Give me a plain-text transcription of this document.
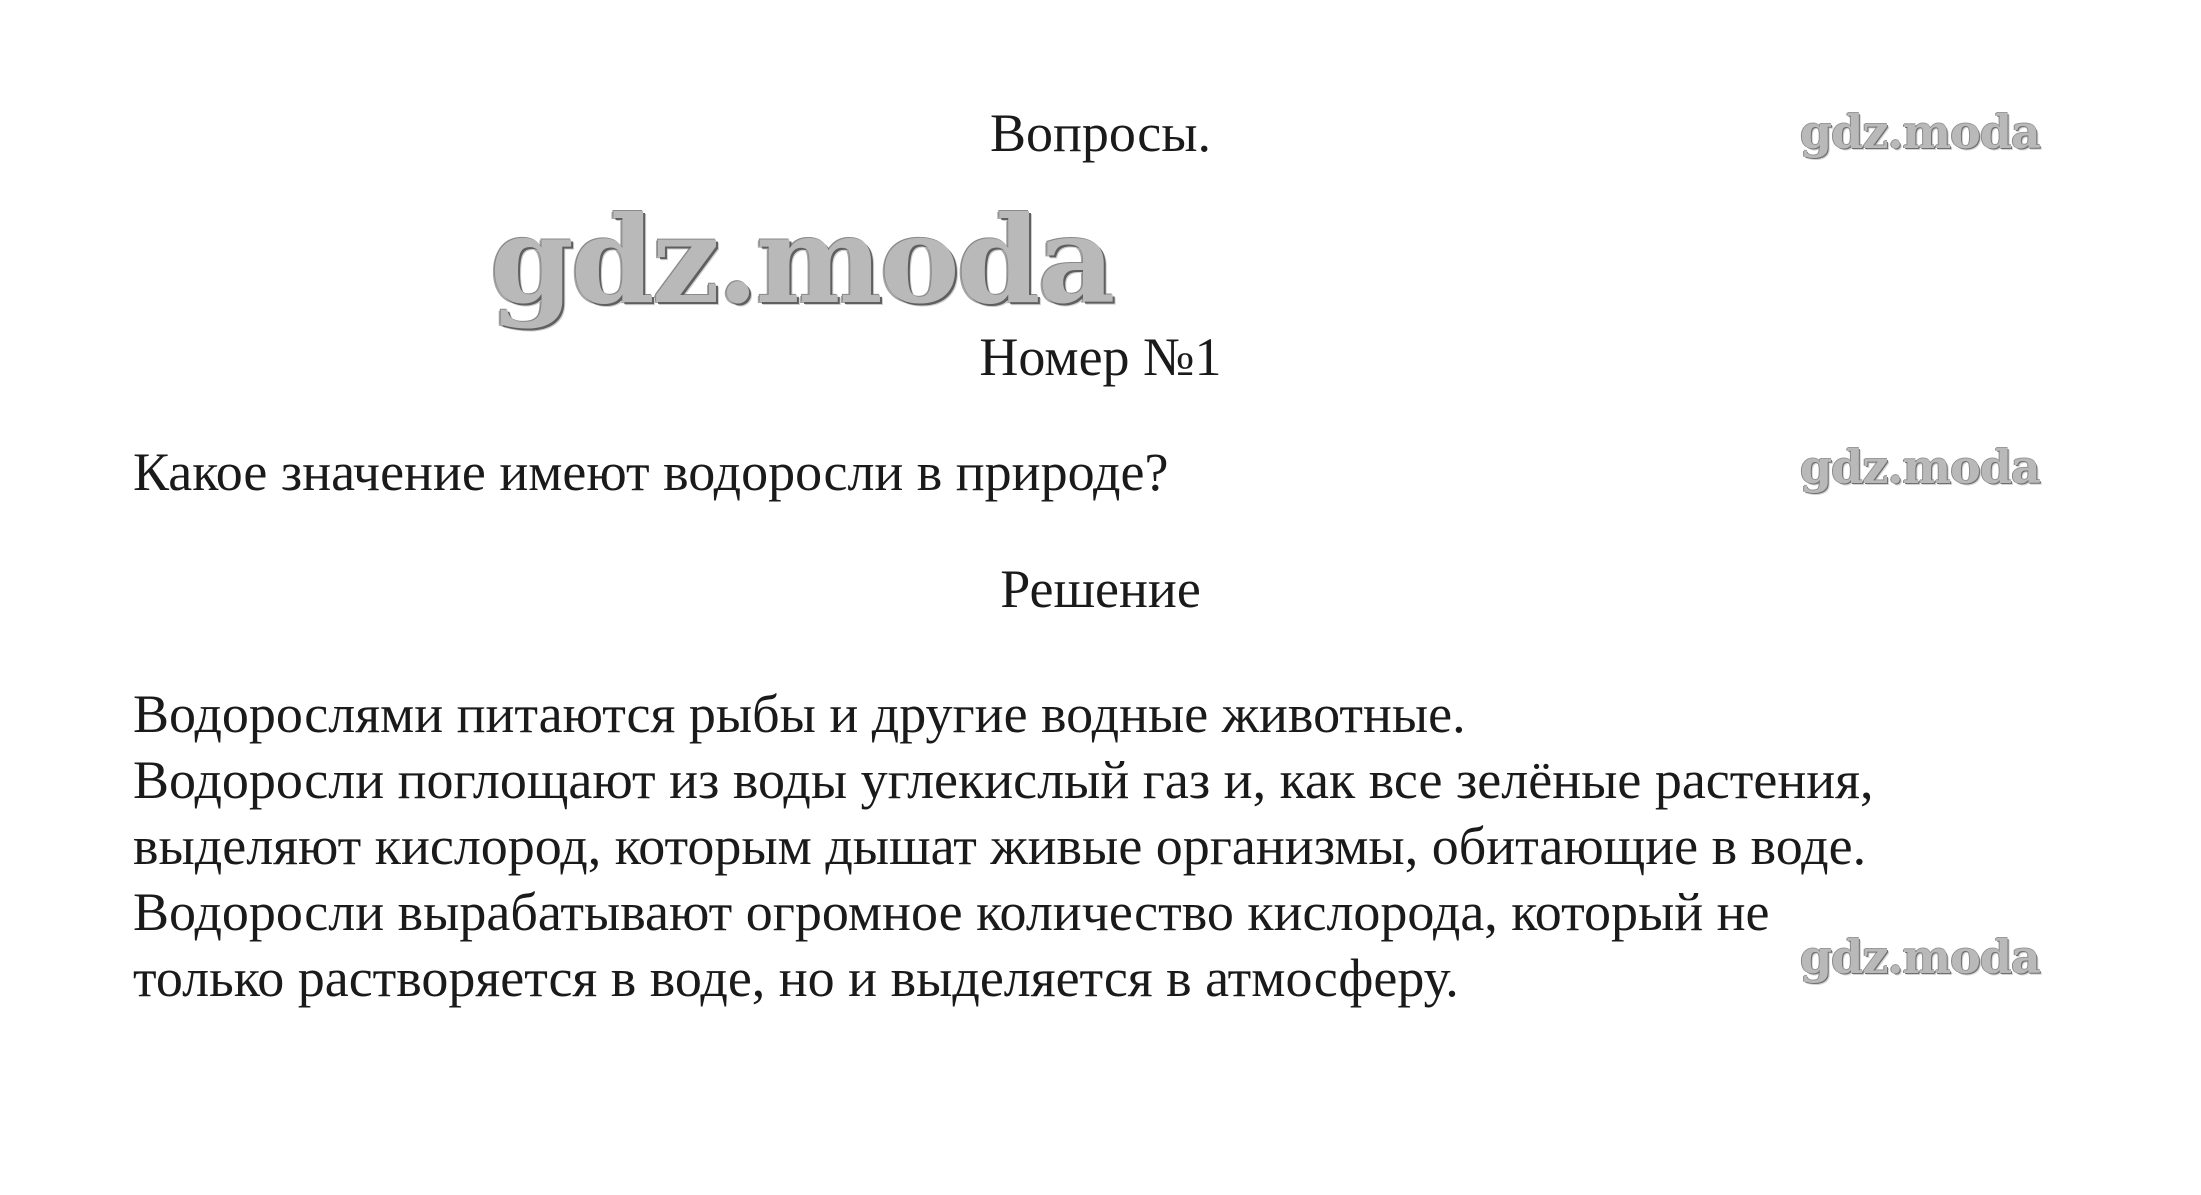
Вопросы.
Номер №1
Какое значение имеют водоросли в природе?
Решение
Водорослями питаются рыбы и другие водные животные.
Водоросли поглощают из воды углекислый газ и, как все зелёные растения,
выделяют кислород, которым дышат живые организмы, обитающие в воде.
Водоросли вырабатывают огромное количество кислорода, который не
только растворяется в воде, но и выделяется в атмосферу.
gdz.moda
gdz.moda
gdz.moda
gdz.moda
